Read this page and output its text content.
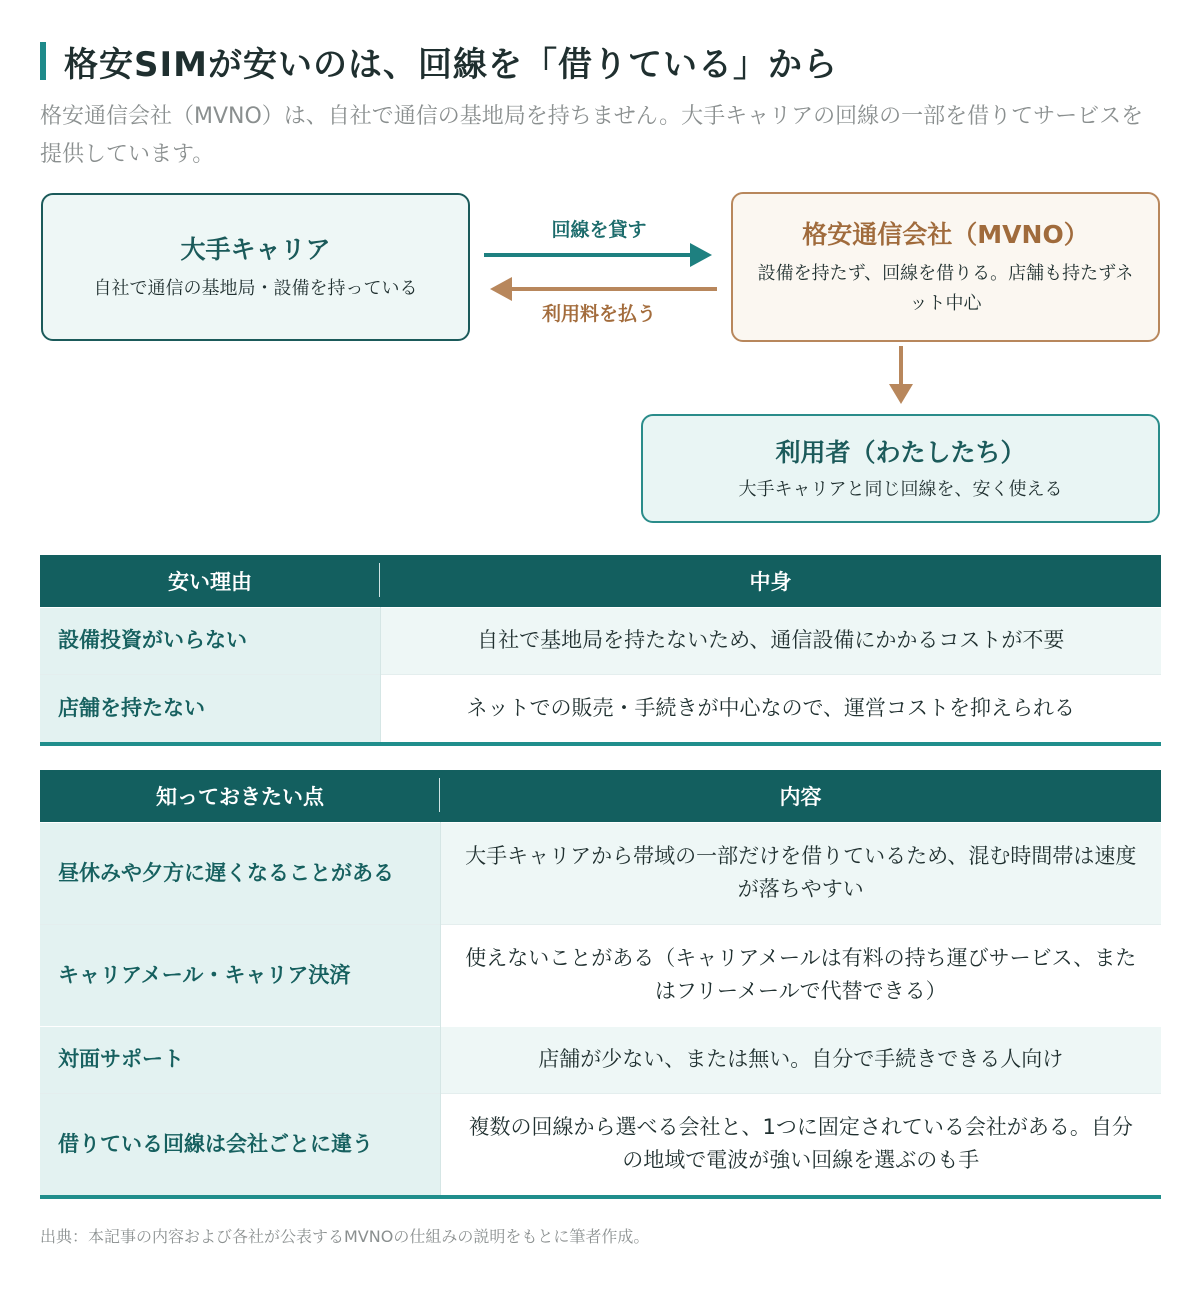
格安SIMが安いのは、回線を「借りている」から
格安通信会社（MVNO）は、自社で通信の基地局を持ちません。大手キャリアの回線の一部を借りてサービスを提供しています。
大手キャリア
自社で通信の基地局・設備を持っている
回線を貸す
利用料を払う
格安通信会社（MVNO）
設備を持たず、回線を借りる。店舗も持たずネット中心
利用者（わたしたち）
大手キャリアと同じ回線を、安く使える
安い理由	中身
設備投資がいらない	自社で基地局を持たないため、通信設備にかかるコストが不要
店舗を持たない	ネットでの販売・手続きが中心なので、運営コストを抑えられる
知っておきたい点	内容
昼休みや夕方に遅くなることがある	大手キャリアから帯域の一部だけを借りているため、混む時間帯は速度が落ちやすい
キャリアメール・キャリア決済	使えないことがある（キャリアメールは有料の持ち運びサービス、またはフリーメールで代替できる）
対面サポート	店舗が少ない、または無い。自分で手続きできる人向け
借りている回線は会社ごとに違う	複数の回線から選べる会社と、1つに固定されている会社がある。自分の地域で電波が強い回線を選ぶのも手
出典：本記事の内容および各社が公表するMVNOの仕組みの説明をもとに筆者作成。
